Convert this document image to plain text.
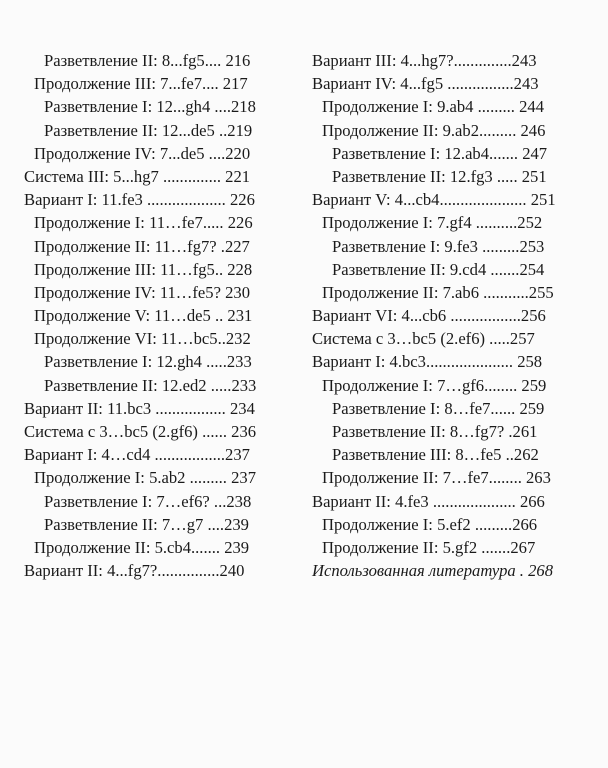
Разветвление II: 8...fg5.... 216
Продолжение III: 7...fe7.... 217
Разветвление I: 12...gh4 ....218
Разветвление II: 12...de5 ..219
Продолжение IV: 7...de5 ....220
Система III: 5...hg7 .............. 221
Вариант I: 11.fe3 ................... 226
Продолжение I: 11…fe7..... 226
Продолжение II: 11…fg7? .227
Продолжение III: 11…fg5.. 228
Продолжение IV: 11…fe5? 230
Продолжение V: 11…de5 .. 231
Продолжение VI: 11…bc5..232
Разветвление I: 12.gh4 .....233
Разветвление II: 12.ed2 .....233
Вариант II: 11.bc3 ................. 234
Система с 3…bc5 (2.gf6) ...... 236
Вариант I: 4…cd4 .................237
Продолжение I: 5.ab2 ......... 237
Разветвление I: 7…ef6? ...238
Разветвление II: 7…g7 ....239
Продолжение II: 5.cb4....... 239
Вариант II: 4...fg7?...............240
Вариант III: 4...hg7?..............243
Вариант IV: 4...fg5 ................243
Продолжение I: 9.ab4 ......... 244
Продолжение II: 9.ab2......... 246
Разветвление I: 12.ab4....... 247
Разветвление II: 12.fg3 ..... 251
Вариант V: 4...cb4..................... 251
Продолжение I: 7.gf4 ..........252
Разветвление I: 9.fe3 .........253
Разветвление II: 9.cd4 .......254
Продолжение II: 7.ab6 ...........255
Вариант VI: 4...cb6 .................256
Система с 3…bc5 (2.ef6) .....257
Вариант I: 4.bc3..................... 258
Продолжение I: 7…gf6........ 259
Разветвление I: 8…fe7...... 259
Разветвление II: 8…fg7? .261
Разветвление III: 8…fe5 ..262
Продолжение II: 7…fe7........ 263
Вариант II: 4.fe3 .................... 266
Продолжение I: 5.ef2 .........266
Продолжение II: 5.gf2 .......267
Использованная литература . 268
